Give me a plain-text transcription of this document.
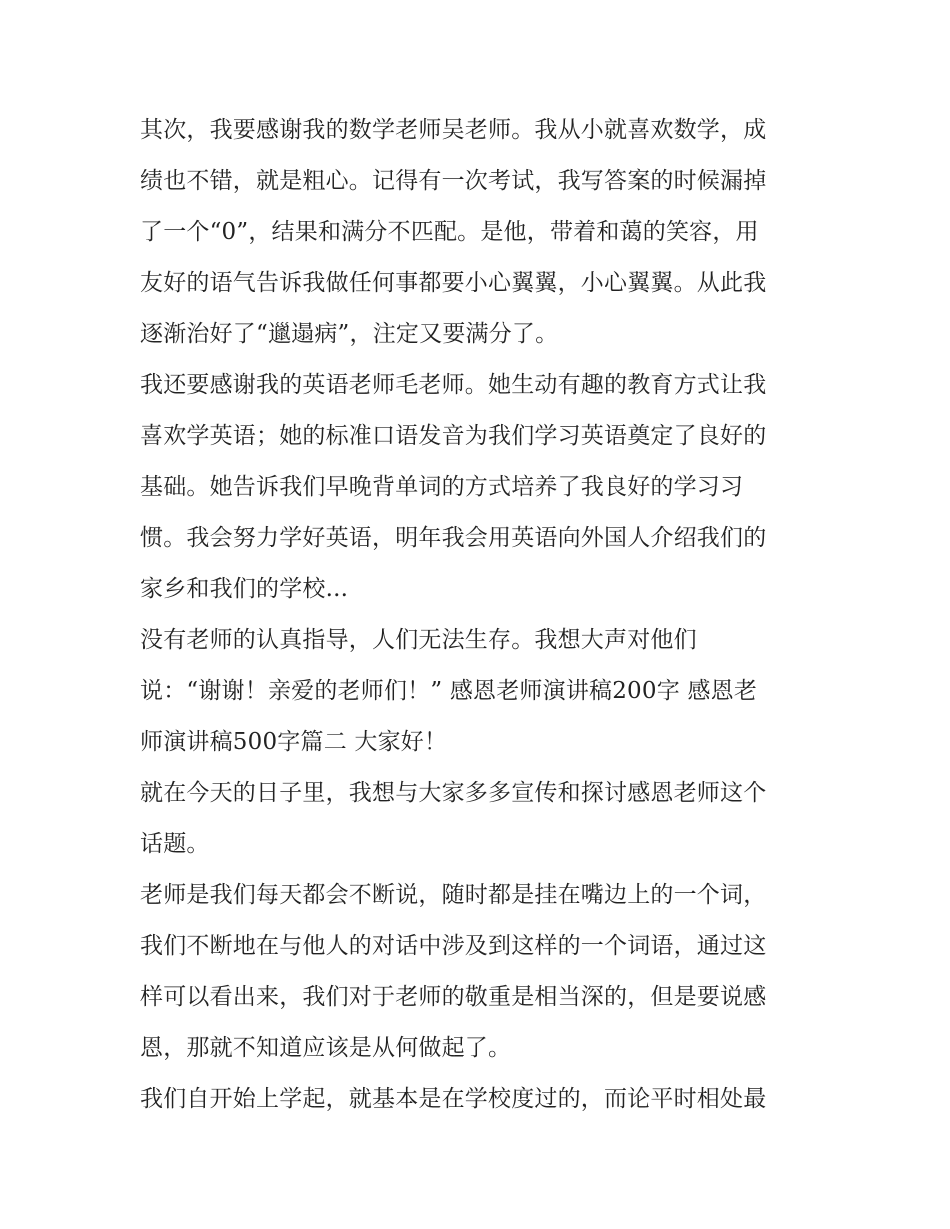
其次，我要感谢我的数学老师吴老师。我从小就喜欢数学，成
绩也不错，就是粗心。记得有一次考试，我写答案的时候漏掉
了一个“0”，结果和满分不匹配。是他，带着和蔼的笑容，用
友好的语气告诉我做任何事都要小心翼翼，小心翼翼。从此我
逐渐治好了“邋遢病”，注定又要满分了。
我还要感谢我的英语老师毛老师。她生动有趣的教育方式让我
喜欢学英语；她的标准口语发音为我们学习英语奠定了良好的
基础。她告诉我们早晚背单词的方式培养了我良好的学习习
惯。我会努力学好英语，明年我会用英语向外国人介绍我们的
家乡和我们的学校...
没有老师的认真指导，人们无法生存。我想大声对他们
说：“谢谢！亲爱的老师们！” 感恩老师演讲稿200字 感恩老
师演讲稿500字篇二 大家好！
就在今天的日子里，我想与大家多多宣传和探讨感恩老师这个
话题。
老师是我们每天都会不断说，随时都是挂在嘴边上的一个词，
我们不断地在与他人的对话中涉及到这样的一个词语，通过这
样可以看出来，我们对于老师的敬重是相当深的，但是要说感
恩，那就不知道应该是从何做起了。
我们自开始上学起，就基本是在学校度过的，而论平时相处最
